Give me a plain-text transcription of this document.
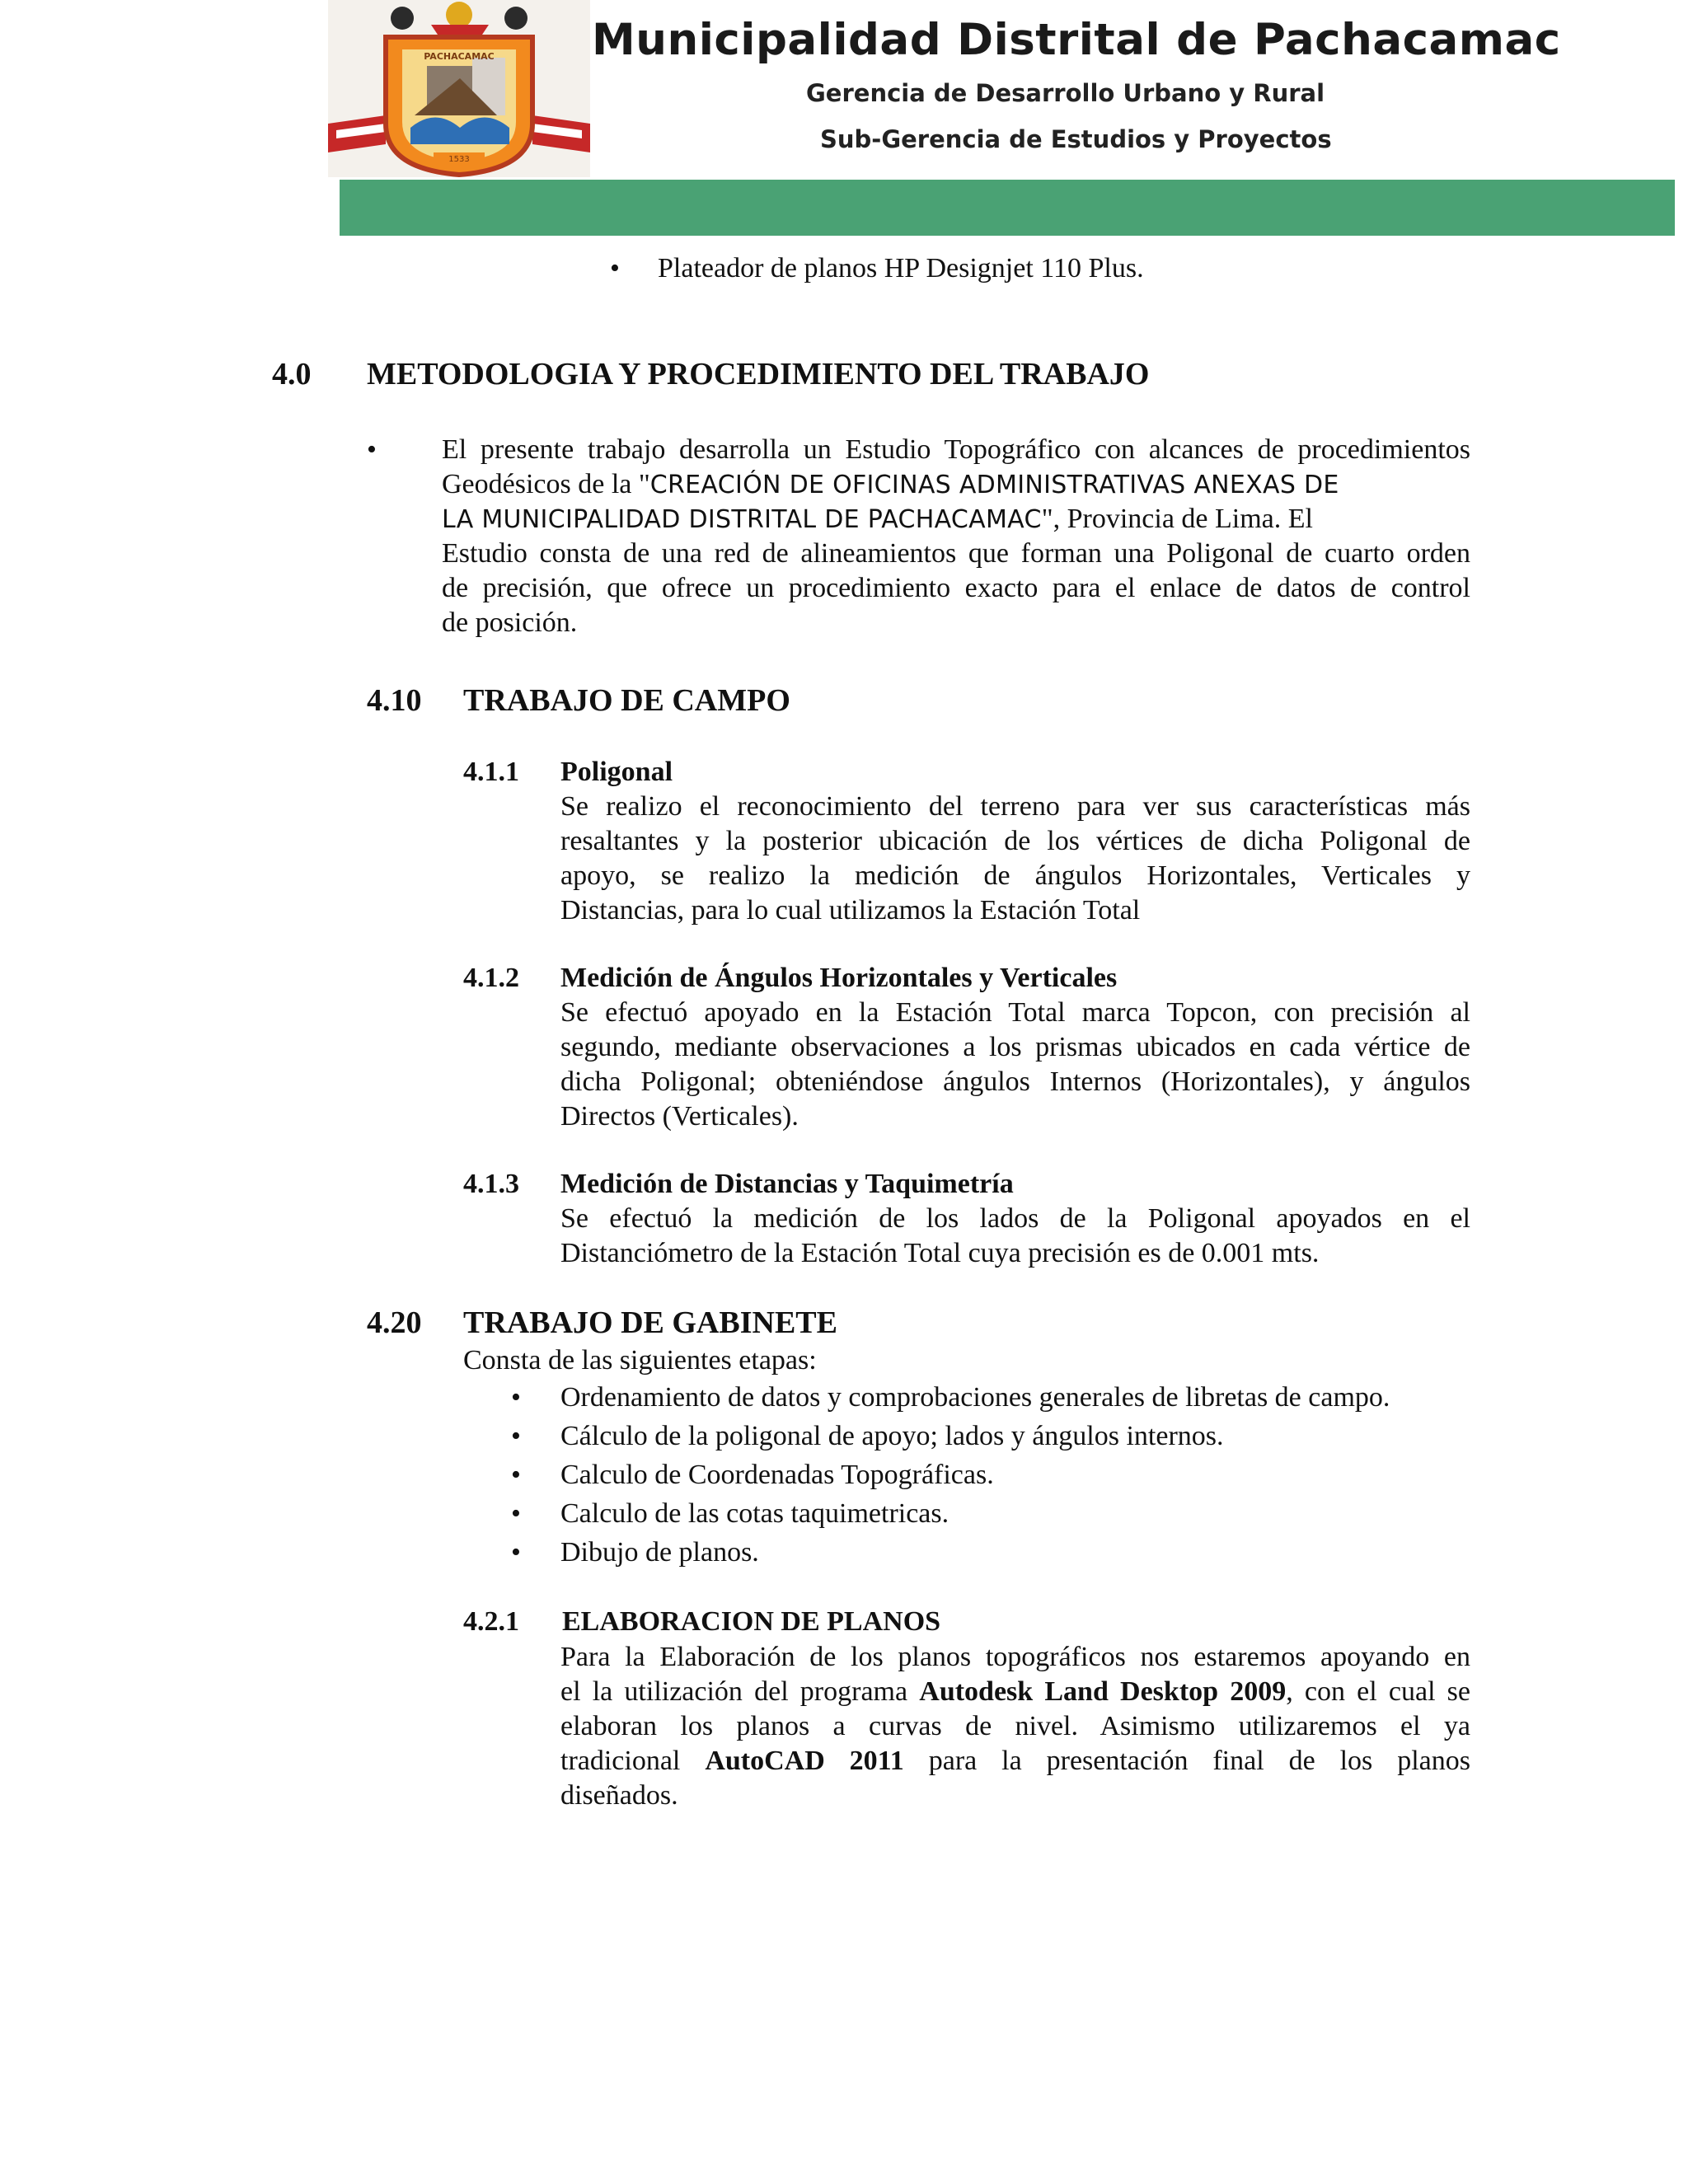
1533
PACHACAMAC Municipalidad Distrital de Pachacamac
Gerencia de Desarrollo Urbano y Rural
Sub-Gerencia de Estudios y Proyectos
• Plateador de planos HP Designjet 110 Plus.
4.0 METODOLOGIA Y PROCEDIMIENTO DEL TRABAJO
• El presente trabajo desarrolla un Estudio Topográfico con alcances de procedimientos
Geodésicos de la "CREACIÓN DE OFICINAS ADMINISTRATIVAS ANEXAS DE
LA MUNICIPALIDAD DISTRITAL DE PACHACAMAC", Provincia de Lima. El
Estudio consta de una red de alineamientos que forman una Poligonal de cuarto orden
de precisión, que ofrece un procedimiento exacto para el enlace de datos de control
de posición.
4.10 TRABAJO DE CAMPO
4.1.1 Poligonal
Se realizo el reconocimiento del terreno para ver sus características más
resaltantes y la posterior ubicación de los vértices de dicha Poligonal de
apoyo, se realizo la medición de ángulos Horizontales, Verticales y
Distancias, para lo cual utilizamos la Estación Total
4.1.2 Medición de Ángulos Horizontales y Verticales
Se efectuó apoyado en la Estación Total marca Topcon, con precisión al
segundo, mediante observaciones a los prismas ubicados en cada vértice de
dicha Poligonal; obteniéndose ángulos Internos (Horizontales), y ángulos
Directos (Verticales).
4.1.3 Medición de Distancias y Taquimetría
Se efectuó la medición de los lados de la Poligonal apoyados en el
Distanciómetro de la Estación Total cuya precisión es de 0.001 mts.
4.20 TRABAJO DE GABINETE
Consta de las siguientes etapas:
• Ordenamiento de datos y comprobaciones generales de libretas de campo.
• Cálculo de la poligonal de apoyo; lados y ángulos internos.
• Calculo de Coordenadas Topográficas.
• Calculo de las cotas taquimetricas.
• Dibujo de planos.
4.2.1 ELABORACION DE PLANOS
Para la Elaboración de los planos topográficos nos estaremos apoyando en
el la utilización del programa Autodesk Land Desktop 2009, con el cual se
elaboran los planos a curvas de nivel. Asimismo utilizaremos el ya
tradicional AutoCAD 2011 para la presentación final de los planos
diseñados.
